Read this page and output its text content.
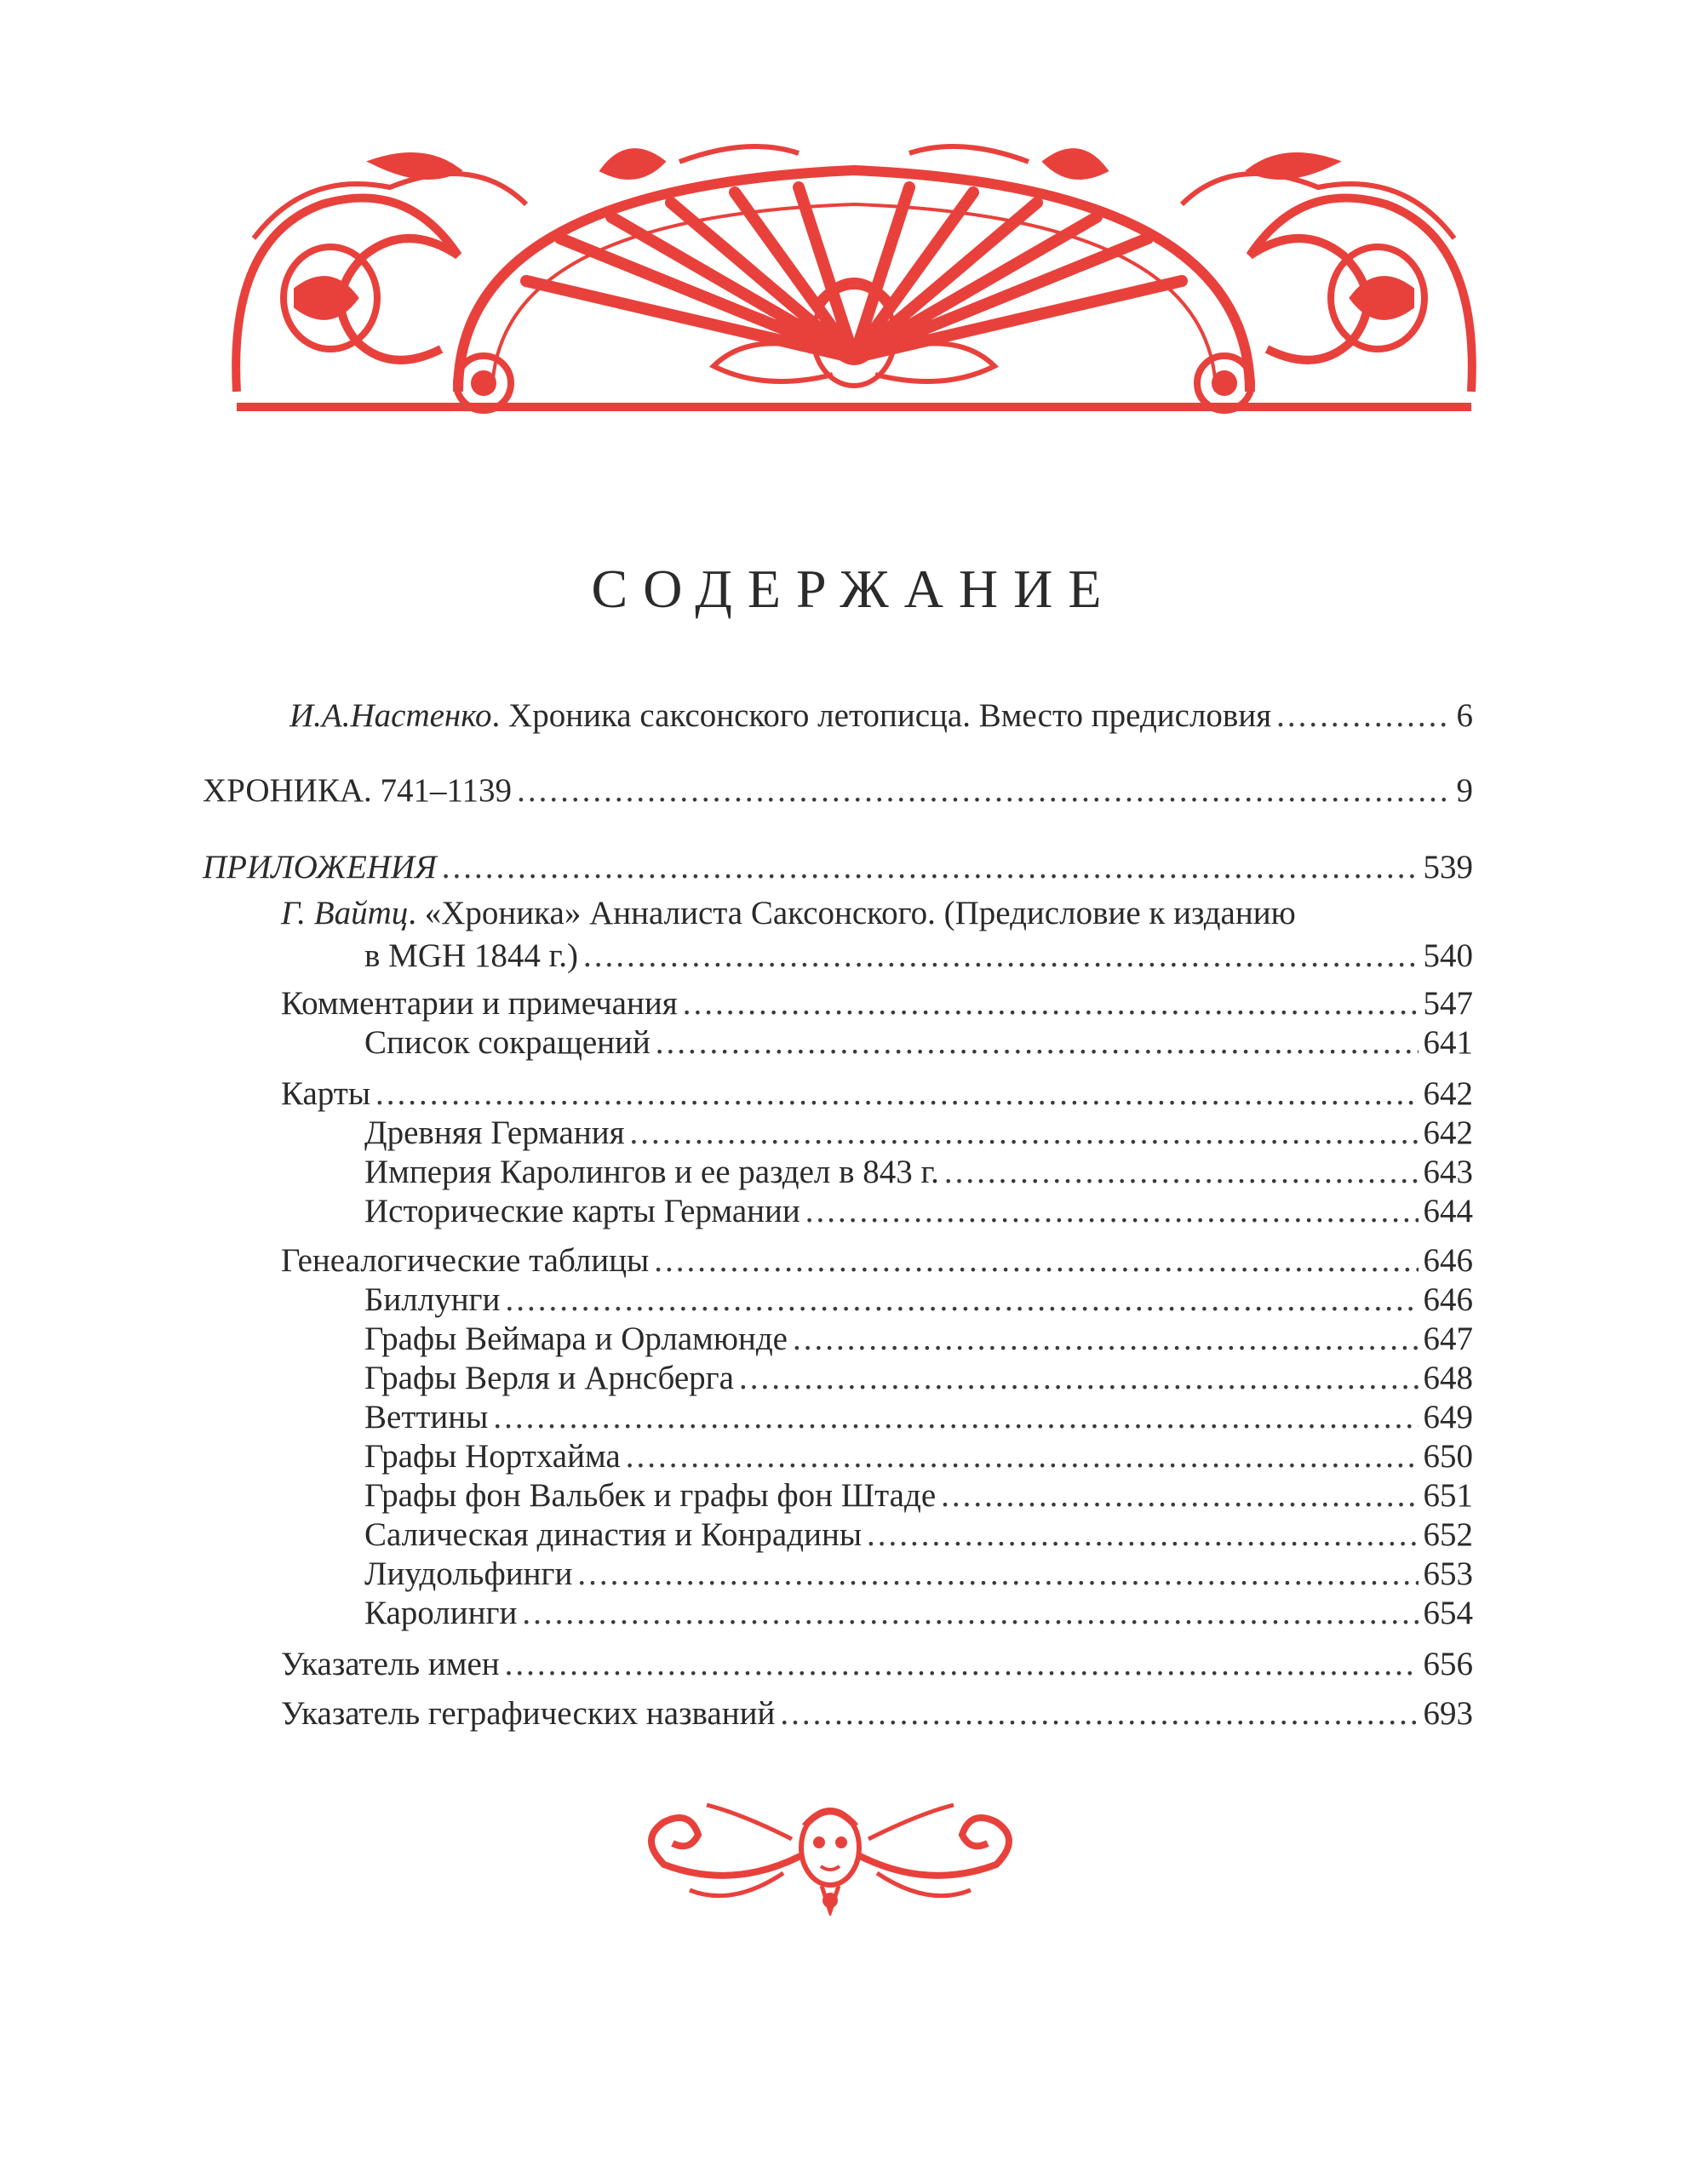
СОДЕРЖАНИЕ
И.А.Настенко. Хроника саксонского летописца. Вместо предисловия .....	6
ХРОНИКА. 741–1139 .....	9
ПРИЛОЖЕНИЯ .....	539
Г. Вайтц. «Хроника» Анналиста Саксонского. (Предисловие к изданию
в MGH 1844 г.) .....	540
Комментарии и примечания .....	547
Список сокращений .....	641
Карты .....	642
Древняя Германия .....	642
Империя Каролингов и ее раздел в 843 г. .....	643
Исторические карты Германии .....	644
Генеалогические таблицы .....	646
Биллунги .....	646
Графы Веймара и Орламюнде .....	647
Графы Верля и Арнсберга .....	648
Веттины .....	649
Графы Нортхайма .....	650
Графы фон Вальбек и графы фон Штаде .....	651
Салическая династия и Конрадины .....	652
Лиудольфинги .....	653
Каролинги .....	654
Указатель имен .....	656
Указатель геграфических названий .....	693
